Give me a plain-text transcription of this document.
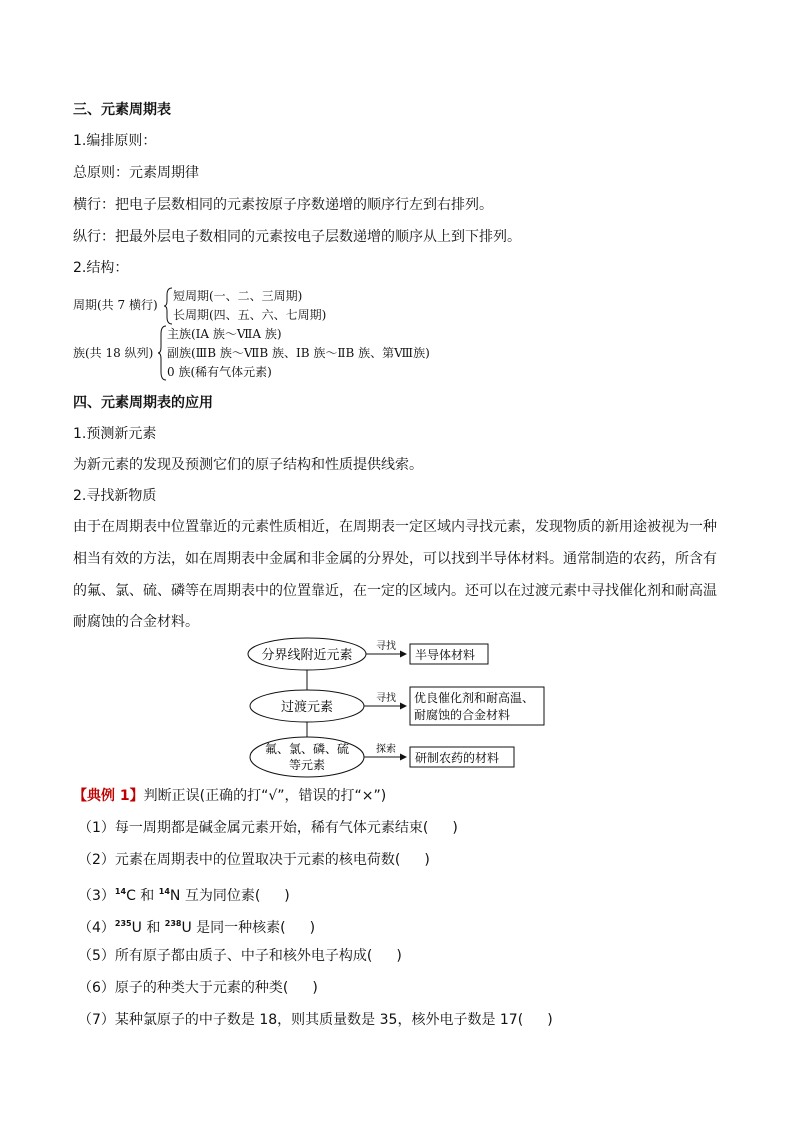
三、元素周期表
1.编排原则：
总原则：元素周期律
横行：把电子层数相同的元素按原子序数递增的顺序行左到右排列。
纵行：把最外层电子数相同的元素按电子层数递增的顺序从上到下排列。
2.结构：
周期(共 7 横行)
短周期(一、二、三周期)
长周期(四、五、六、七周期)
族(共 18 纵列)
主族(ⅠA 族～ⅦA 族)
副族(ⅢB 族～ⅦB 族、ⅠB 族～ⅡB 族、第Ⅷ族)
0 族(稀有气体元素)
四、元素周期表的应用
1.预测新元素
为新元素的发现及预测它们的原子结构和性质提供线索。
2.寻找新物质
由于在周期表中位置靠近的元素性质相近，在周期表一定区域内寻找元素，发现物质的新用途被视为一种
相当有效的方法，如在周期表中金属和非金属的分界处，可以找到半导体材料。通常制造的农药，所含有
的氟、氯、硫、磷等在周期表中的位置靠近，在一定的区域内。还可以在过渡元素中寻找催化剂和耐高温
耐腐蚀的合金材料。
分界线附近元素
过渡元素
氟、氯、磷、硫
等元素
寻找
寻找
探索
半导体材料
优良催化剂和耐高温、
耐腐蚀的合金材料
研制农药的材料
【典例 1】判断正误(正确的打“√”，错误的打“×”)
（1）每一周期都是碱金属元素开始，稀有气体元素结束( )
（2）元素在周期表中的位置取决于元素的核电荷数( )
$(3)^{14}C$ 和 $^{14}$N 互为同位素( )
$(4)^{235}U$ 和 $^{238}$U 是同一种核素( )
（5）所有原子都由质子、中子和核外电子构成( )
（6）原子的种类大于元素的种类( )
（7）某种氯原子的中子数是 18，则其质量数是 35，核外电子数是 17( )
